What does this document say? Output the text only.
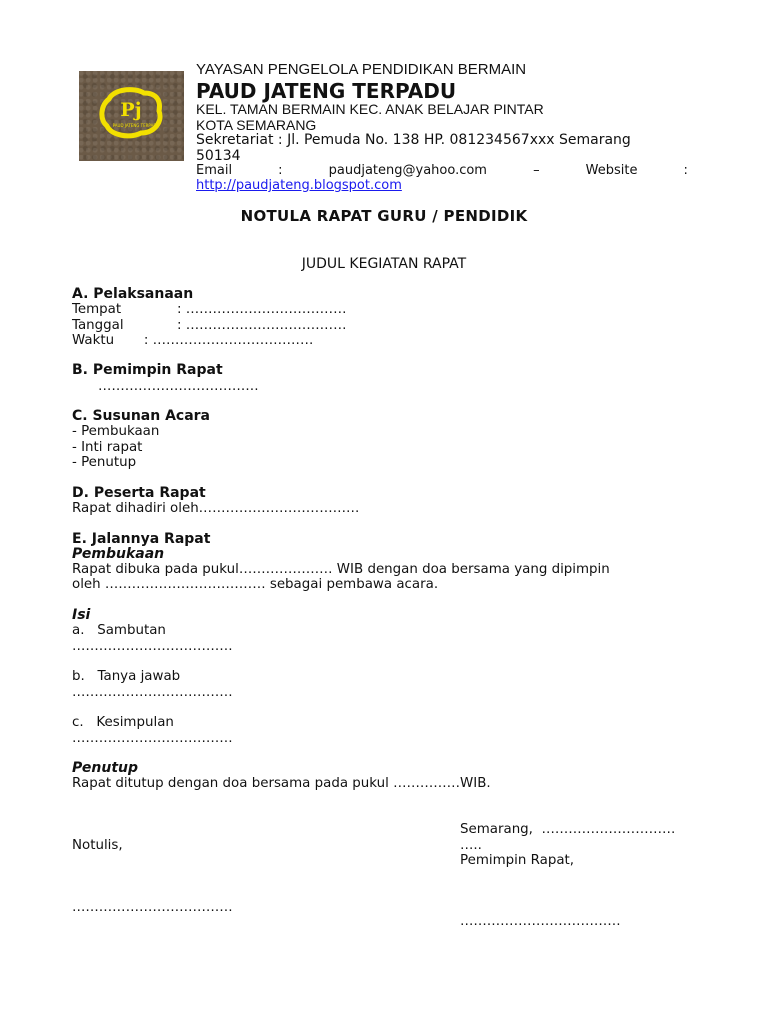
Pj
PAUD JATENG TERPADU
YAYASAN PENGELOLA PENDIDIKAN BERMAIN
PAUD JATENG TERPADU
KEL. TAMAN BERMAIN KEC. ANAK BELAJAR PINTAR
KOTA SEMARANG
Sekretariat : Jl. Pemuda No. 138 HP. 081234567xxx Semarang
50134
Email	:	paudjateng@yahoo.com	–	Website	:
http://paudjateng.blogspot.com
NOTULA RAPAT GURU / PENDIDIK
JUDUL KEGIATAN RAPAT
A. Pelaksanaan
Tempat	: ………………………………
Tanggal	: ………………………………
Waktu       : ………………………………
B. Pemimpin Rapat
………………………………
C. Susunan Acara
- Pembukaan
- Inti rapat
- Penutup
D. Peserta Rapat
Rapat dihadiri oleh………………………………
E. Jalannya Rapat
Pembukaan
Rapat dibuka pada pukul………………… WIB dengan doa bersama yang dipimpin
oleh ……………………………… sebagai pembawa acara.
Isi
a.   Sambutan
………………………………
b.   Tanya jawab
………………………………
c.   Kesimpulan
………………………………
Penutup
Rapat ditutup dengan doa bersama pada pukul ……………WIB.
Semarang,  …………………………
…..
Notulis,
Pemimpin Rapat,
………………………………
………………………………
